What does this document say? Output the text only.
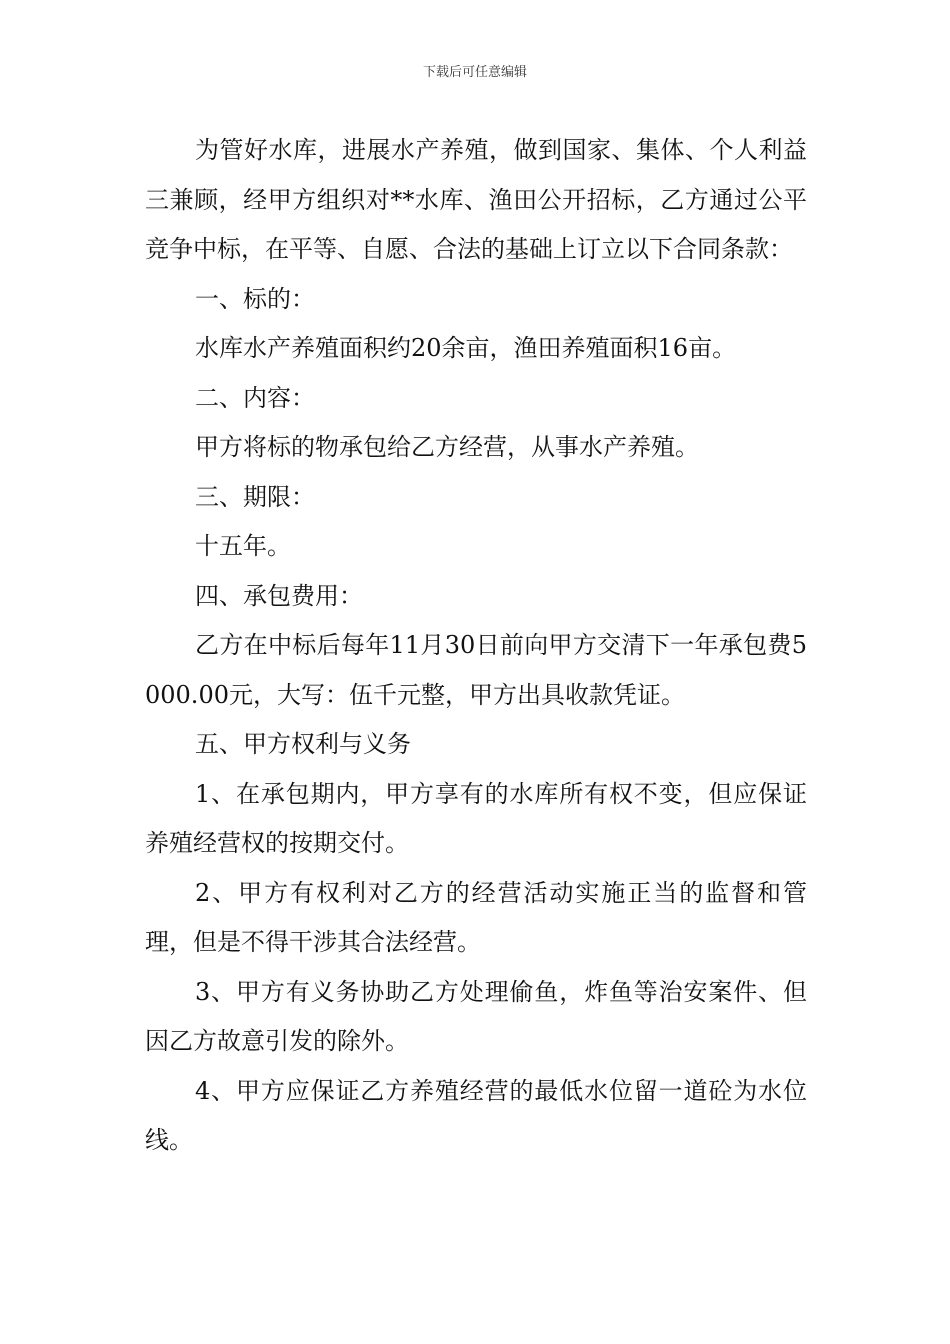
下载后可任意编辑

为管好水库，进展水产养殖，做到国家、集体、个人利益三兼顾，经甲方组织对**水库、渔田公开招标，乙方通过公平竞争中标，在平等、自愿、合法的基础上订立以下合同条款：

一、标的：

水库水产养殖面积约20余亩，渔田养殖面积16亩。

二、内容：

甲方将标的物承包给乙方经营，从事水产养殖。

三、期限：

十五年。

四、承包费用：

乙方在中标后每年11月30日前向甲方交清下一年承包费5000.00元，大写：伍千元整，甲方出具收款凭证。

五、甲方权利与义务

1、在承包期内，甲方享有的水库所有权不变，但应保证养殖经营权的按期交付。

2、甲方有权利对乙方的经营活动实施正当的监督和管理，但是不得干涉其合法经营。

3、甲方有义务协助乙方处理偷鱼，炸鱼等治安案件、但因乙方故意引发的除外。

4、甲方应保证乙方养殖经营的最低水位留一道砼为水位线。
